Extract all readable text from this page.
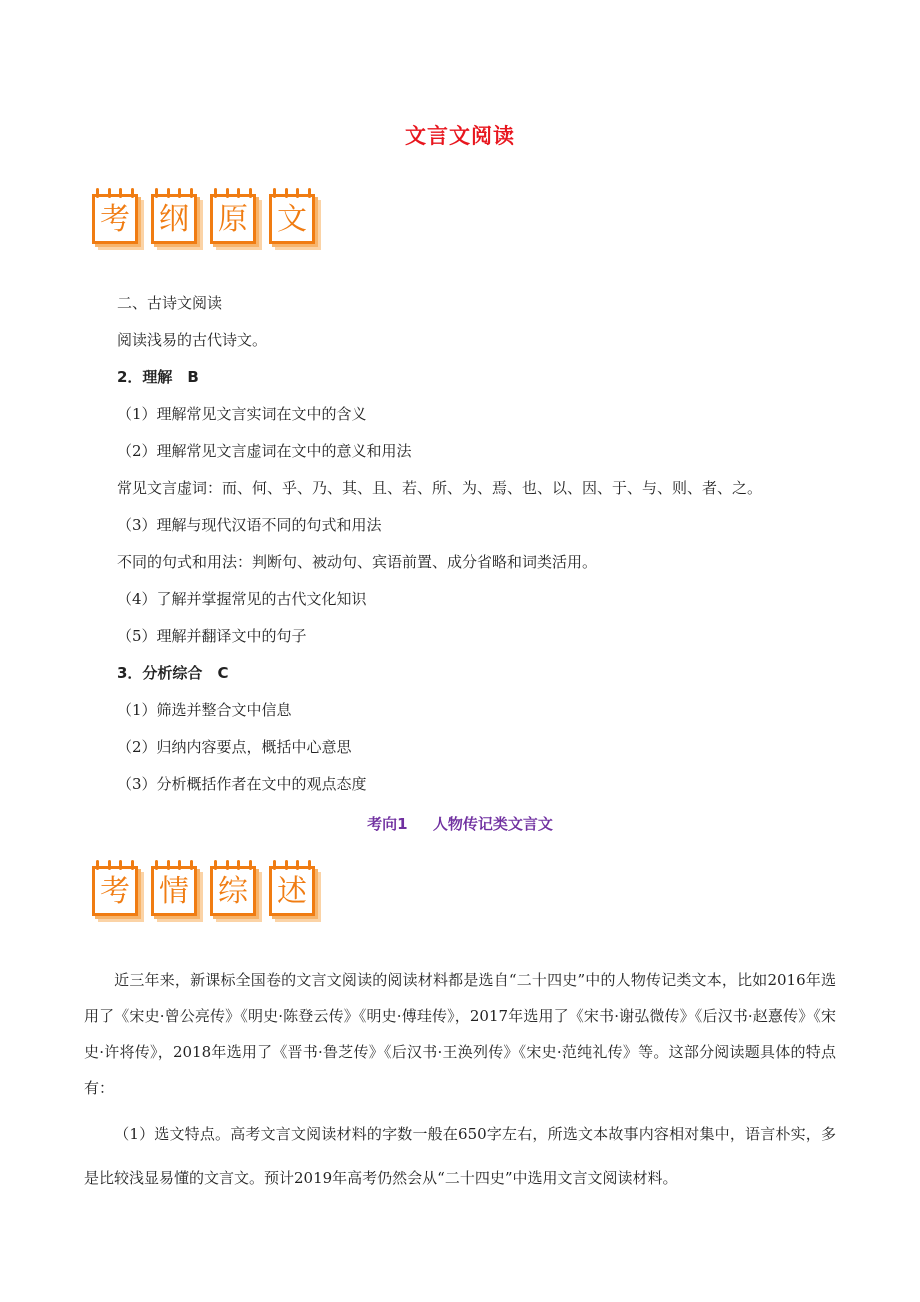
文言文阅读
考 纲 原 文
二、古诗文阅读
阅读浅易的古代诗文。
2．理解　B
（1）理解常见文言实词在文中的含义
（2）理解常见文言虚词在文中的意义和用法
常见文言虚词：而、何、乎、乃、其、且、若、所、为、焉、也、以、因、于、与、则、者、之。
（3）理解与现代汉语不同的句式和用法
不同的句式和用法：判断句、被动句、宾语前置、成分省略和词类活用。
（4）了解并掌握常见的古代文化知识
（5）理解并翻译文中的句子
3．分析综合　C
（1）筛选并整合文中信息
（2）归纳内容要点，概括中心意思
（3）分析概括作者在文中的观点态度
考向1 人物传记类文言文
考 情 综 述
近三年来，新课标全国卷的文言文阅读的阅读材料都是选自“二十四史”中的人物传记类文本，比如2016年选用了《宋史·曾公亮传》《明史·陈登云传》《明史·傅珪传》，2017年选用了《宋书·谢弘微传》《后汉书·赵憙传》《宋史·许将传》，2018年选用了《晋书·鲁芝传》《后汉书·王涣列传》《宋史·范纯礼传》等。这部分阅读题具体的特点有：
（1）选文特点。高考文言文阅读材料的字数一般在650字左右，所选文本故事内容相对集中，语言朴实，多是比较浅显易懂的文言文。预计2019年高考仍然会从“二十四史”中选用文言文阅读材料。
